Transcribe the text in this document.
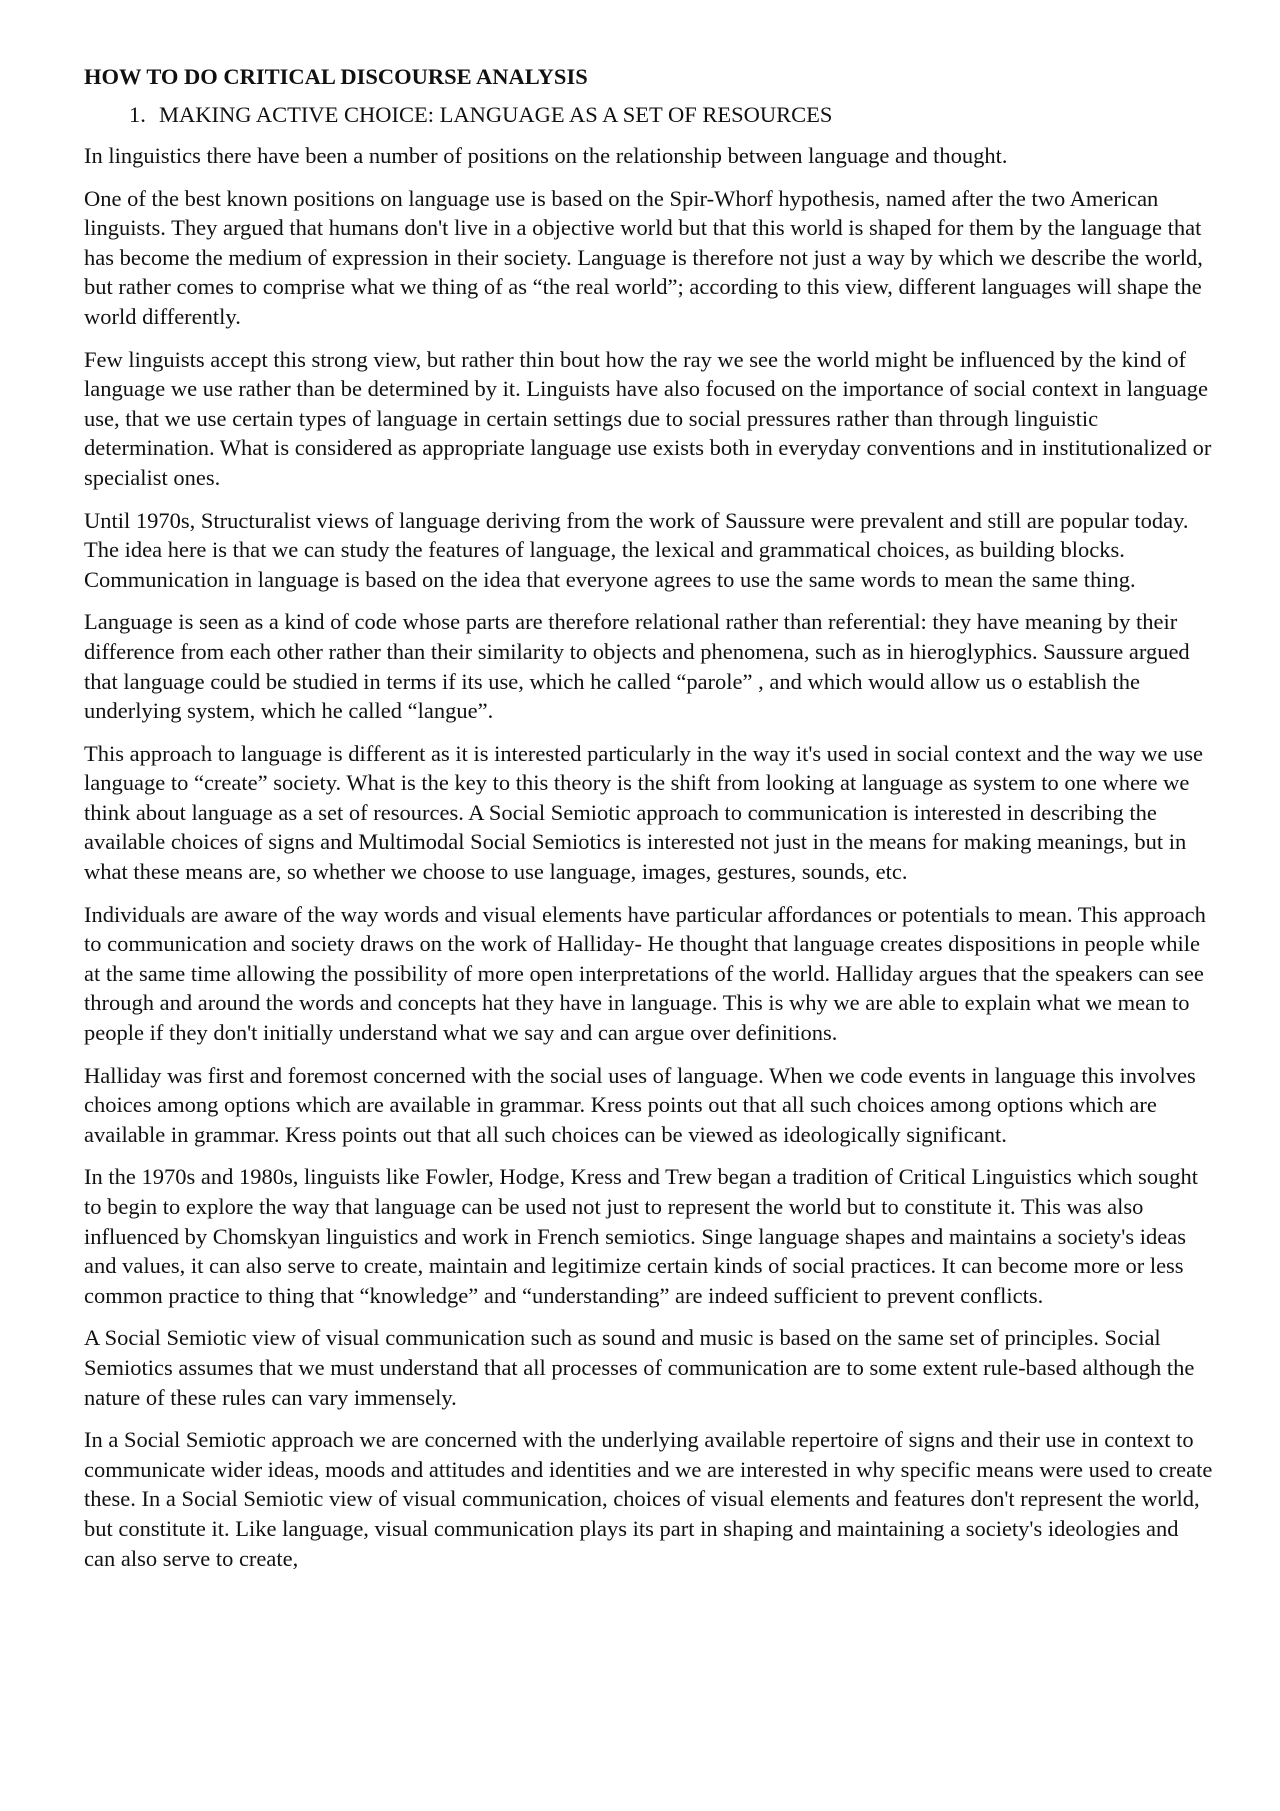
HOW TO DO CRITICAL DISCOURSE ANALYSIS
1. MAKING ACTIVE CHOICE: LANGUAGE AS A SET OF RESOURCES

In linguistics there have been a number of positions on the relationship between language and thought.

One of the best known positions on language use is based on the Spir-Whorf hypothesis, named after the two American linguists. They argued that humans don't live in a objective world but that this world is shaped for them by the language that has become the medium of expression in their society. Language is therefore not just a way by which we describe the world, but rather comes to comprise what we thing of as “the real world”; according to this view, different languages will shape the world differently.

Few linguists accept this strong view, but rather thin bout how the ray we see the world might be influenced by the kind of language we use rather than be determined by it. Linguists have also focused on the importance of social context in language use, that we use certain types of language in certain settings due to social pressures rather than through linguistic determination. What is considered as appropriate language use exists both in everyday conventions and in institutionalized or specialist ones.

Until 1970s, Structuralist views of language deriving from the work of Saussure were prevalent and still are popular today. The idea here is that we can study the features of language, the lexical and grammatical choices, as building blocks. Communication in language is based on the idea that everyone agrees to use the same words to mean the same thing.

Language is seen as a kind of code whose parts are therefore relational rather than referential: they have meaning by their difference from each other rather than their similarity to objects and phenomena, such as in hieroglyphics. Saussure argued that language could be studied in terms if its use, which he called “parole” , and which would allow us o establish the underlying system, which he called “langue”.

This approach to language is different as it is interested particularly in the way it's used in social context and the way we use language to “create” society. What is the key to this theory is the shift from looking at language as system to one where we think about language as a set of resources. A Social Semiotic approach to communication is interested in describing the available choices of signs and Multimodal Social Semiotics is interested not just in the means for making meanings, but in what these means are, so whether we choose to use language, images, gestures, sounds, etc.

Individuals are aware of the way words and visual elements have particular affordances or potentials to mean. This approach to communication and society draws on the work of Halliday- He thought that language creates dispositions in people while at the same time allowing the possibility of more open interpretations of the world. Halliday argues that the speakers can see through and around the words and concepts hat they have in language. This is why we are able to explain what we mean to people if they don't initially understand what we say and can argue over definitions.

Halliday was first and foremost concerned with the social uses of language. When we code events in language this involves choices among options which are available in grammar. Kress points out that all such choices among options which are available in grammar. Kress points out that all such choices can be viewed as ideologically significant.

In the 1970s and 1980s, linguists like Fowler, Hodge, Kress and Trew began a tradition of Critical Linguistics which sought to begin to explore the way that language can be used not just to represent the world but to constitute it. This was also influenced by Chomskyan linguistics and work in French semiotics. Singe language shapes and maintains a society's ideas and values, it can also serve to create, maintain and legitimize certain kinds of social practices. It can become more or less common practice to thing that “knowledge” and “understanding” are indeed sufficient to prevent conflicts.

A Social Semiotic view of visual communication such as sound and music is based on the same set of principles. Social Semiotics assumes that we must understand that all processes of communication are to some extent rule-based although the nature of these rules can vary immensely.

In a Social Semiotic approach we are concerned with the underlying available repertoire of signs and their use in context to communicate wider ideas, moods and attitudes and identities and we are interested in why specific means were used to create these. In a Social Semiotic view of visual communication, choices of visual elements and features don't represent the world, but constitute it. Like language, visual communication plays its part in shaping and maintaining a society's ideologies and can also serve to create,
